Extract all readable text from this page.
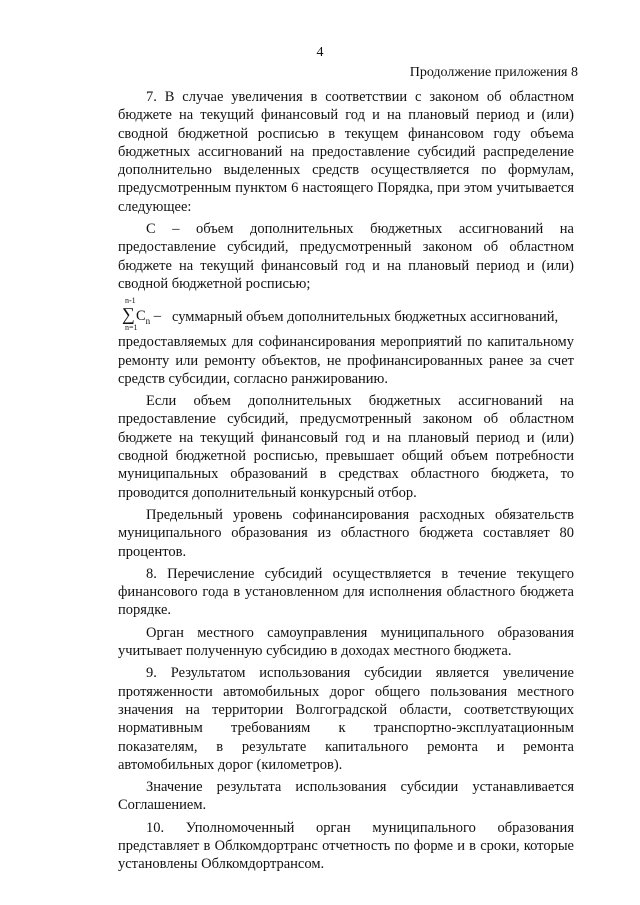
4
Продолжение приложения 8

7. В случае увеличения в соответствии с законом об областном бюджете на текущий финансовый год и на плановый период и (или) сводной бюджетной росписью в текущем финансовом году объема бюджетных ассигнований на предоставление субсидий распределение дополнительно выделенных средств осуществляется по формулам, предусмотренным пунктом 6 настоящего Порядка, при этом учитывается следующее:

С – объем дополнительных бюджетных ассигнований на предоставление субсидий, предусмотренный законом об областном бюджете на текущий финансовый год и на плановый период и (или) сводной бюджетной росписью;

n-1
∑ $C_n$ –
n=1
суммарный объем дополнительных бюджетных ассигнований,

предоставляемых для софинансирования мероприятий по капитальному ремонту или ремонту объектов, не профинансированных ранее за счет средств субсидии, согласно ранжированию.

Если объем дополнительных бюджетных ассигнований на предоставление субсидий, предусмотренный законом об областном бюджете на текущий финансовый год и на плановый период и (или) сводной бюджетной росписью, превышает общий объем потребности муниципальных образований в средствах областного бюджета, то проводится дополнительный конкурсный отбор.

Предельный уровень софинансирования расходных обязательств муниципального образования из областного бюджета составляет 80 процентов.

8. Перечисление субсидий осуществляется в течение текущего финансового года в установленном для исполнения областного бюджета порядке.

Орган местного самоуправления муниципального образования учитывает полученную субсидию в доходах местного бюджета.

9. Результатом использования субсидии является увеличение протяженности автомобильных дорог общего пользования местного значения на территории Волгоградской области, соответствующих нормативным требованиям к транспортно-эксплуатационным показателям, в результате капитального ремонта и ремонта автомобильных дорог (километров).

Значение результата использования субсидии устанавливается Соглашением.

10. Уполномоченный орган муниципального образования представляет в Облкомдортранс отчетность по форме и в сроки, которые установлены Облкомдортрансом.
